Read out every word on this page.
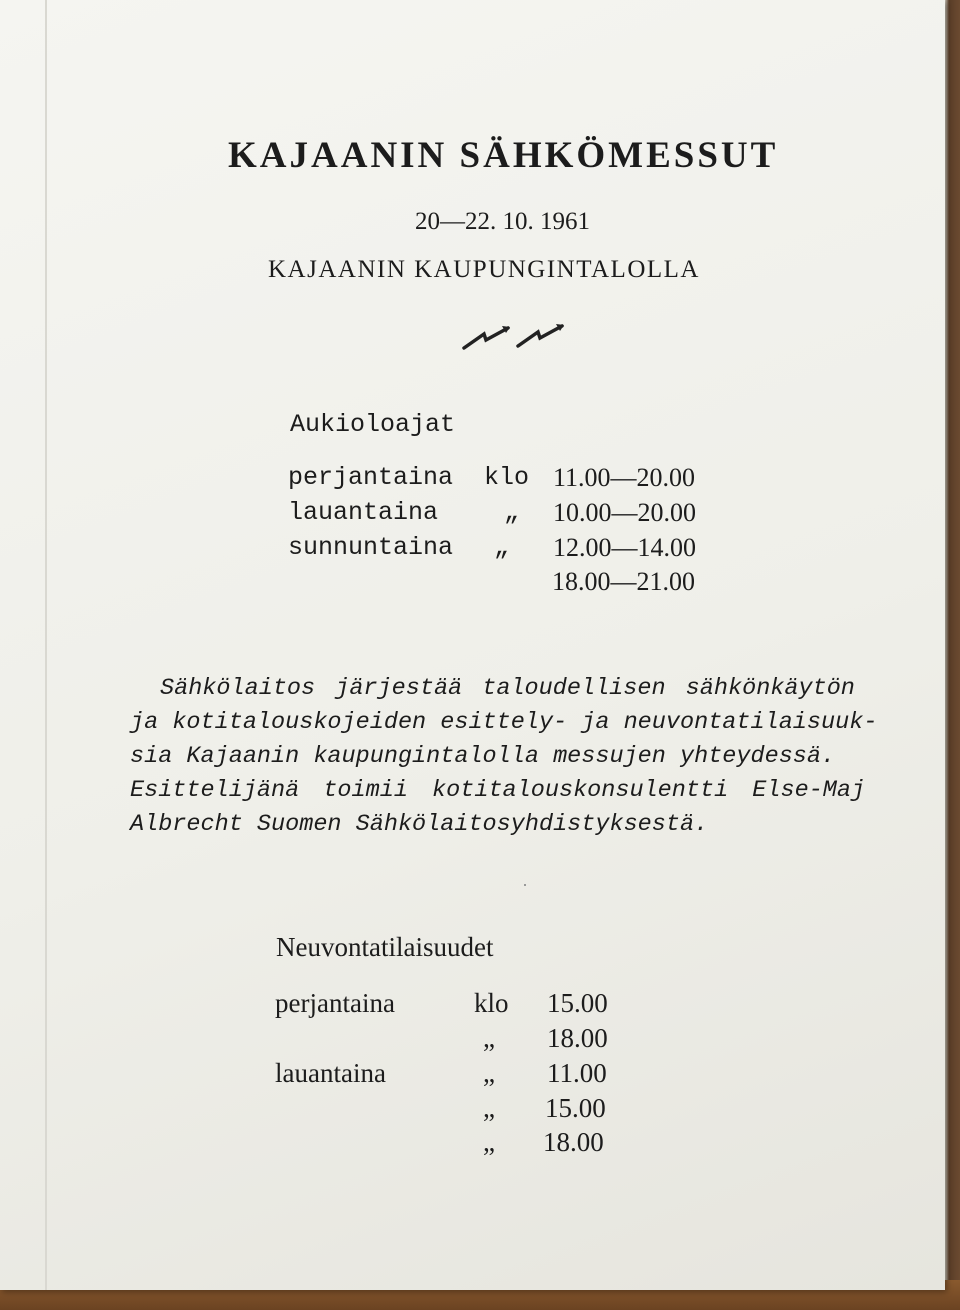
KAJAANIN SÄHKÖMESSUT
20—22. 10. 1961
KAJAANIN KAUPUNGINTALOLLA
Aukioloajat
perjantaina klo 11.00—20.00
lauantaina	„ 10.00—20.00
sunnuntaina „ 12.00—14.00
18.00—21.00
Sähkölaitos järjestää taloudellisen sähkönkäytön
ja kotitalouskojeiden esittely- ja neuvontatilaisuuk-
sia Kajaanin kaupungintalolla messujen yhteydessä.
Esittelijänä toimii kotitalouskonsulentti Else-Maj
Albrecht Suomen Sähkölaitosyhdistyksestä.
Neuvontatilaisuudet
perjantaina	klo 15.00
„ 18.00
lauantaina	„ 11.00
„ 15.00
„ 18.00
